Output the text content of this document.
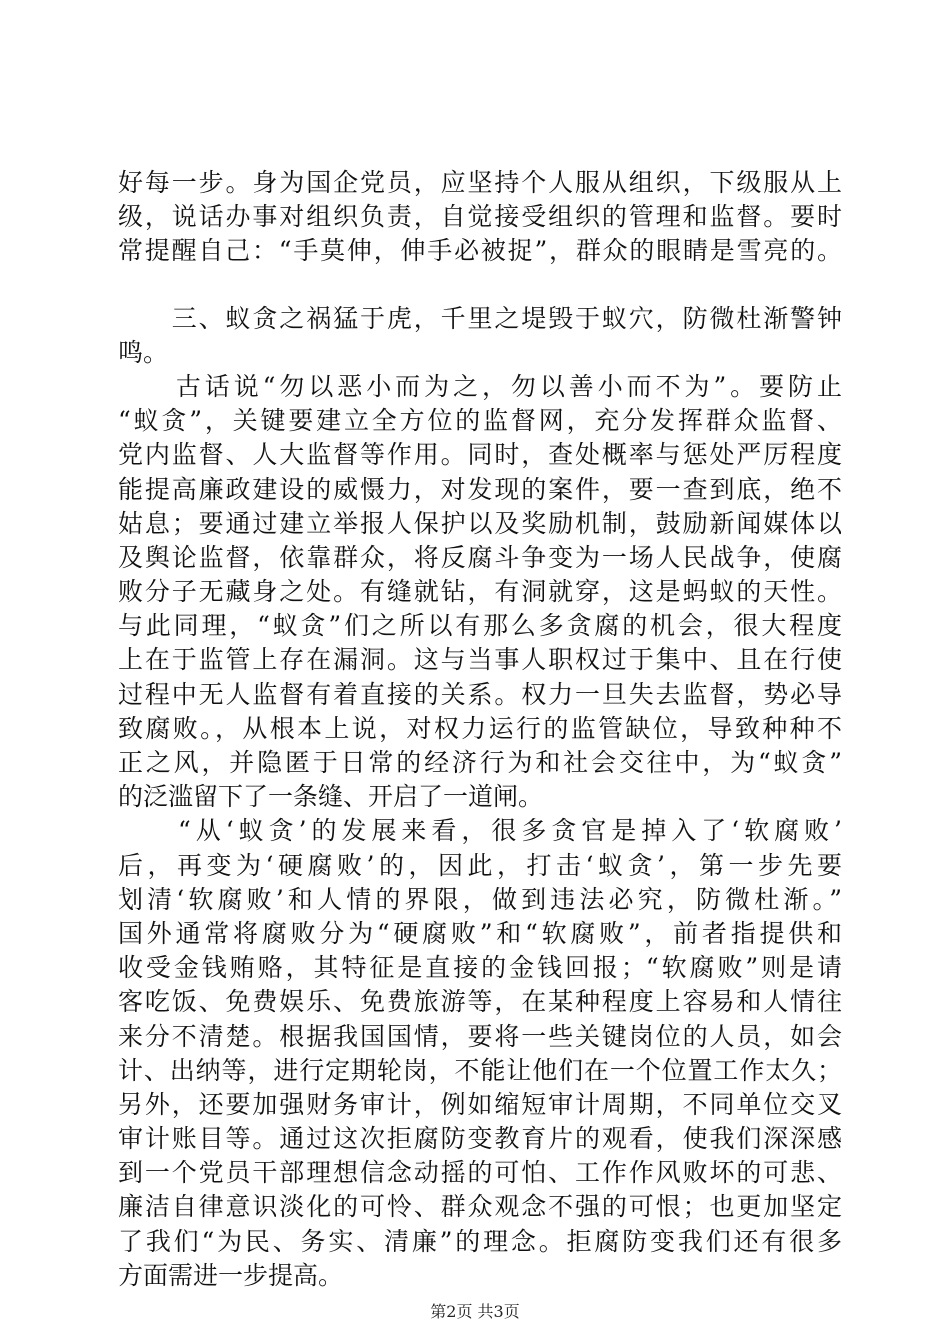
好每一步。身为国企党员，应坚持个人服从组织，下级服从上
级，说话办事对组织负责，自觉接受组织的管理和监督。要时
常提醒自己：“手莫伸，伸手必被捉”，群众的眼睛是雪亮的。
　　三、蚁贪之祸猛于虎，千里之堤毁于蚁穴，防微杜渐警钟
鸣。
　　古话说“勿以恶小而为之，勿以善小而不为”。要防止
“蚁贪”，关键要建立全方位的监督网，充分发挥群众监督、
党内监督、人大监督等作用。同时，查处概率与惩处严厉程度
能提高廉政建设的威慑力，对发现的案件，要一查到底，绝不
姑息；要通过建立举报人保护以及奖励机制，鼓励新闻媒体以
及舆论监督，依靠群众，将反腐斗争变为一场人民战争，使腐
败分子无藏身之处。有缝就钻，有洞就穿，这是蚂蚁的天性。
与此同理，“蚁贪”们之所以有那么多贪腐的机会，很大程度
上在于监管上存在漏洞。这与当事人职权过于集中、且在行使
过程中无人监督有着直接的关系。权力一旦失去监督，势必导
致腐败。，从根本上说，对权力运行的监管缺位，导致种种不
正之风，并隐匿于日常的经济行为和社会交往中，为“蚁贪”
的泛滥留下了一条缝、开启了一道闸。
　　“从‘蚁贪’的发展来看，很多贪官是掉入了‘软腐败’
后，再变为‘硬腐败’的，因此，打击‘蚁贪’，第一步先要
划清‘软腐败’和人情的界限，做到违法必究，防微杜渐。”
国外通常将腐败分为“硬腐败”和“软腐败”，前者指提供和
收受金钱贿赂，其特征是直接的金钱回报；“软腐败”则是请
客吃饭、免费娱乐、免费旅游等，在某种程度上容易和人情往
来分不清楚。根据我国国情，要将一些关键岗位的人员，如会
计、出纳等，进行定期轮岗，不能让他们在一个位置工作太久；
另外，还要加强财务审计，例如缩短审计周期，不同单位交叉
审计账目等。通过这次拒腐防变教育片的观看，使我们深深感
到一个党员干部理想信念动摇的可怕、工作作风败坏的可悲、
廉洁自律意识淡化的可怜、群众观念不强的可恨；也更加坚定
了我们“为民、务实、清廉”的理念。拒腐防变我们还有很多
方面需进一步提高。
第2页 共3页
